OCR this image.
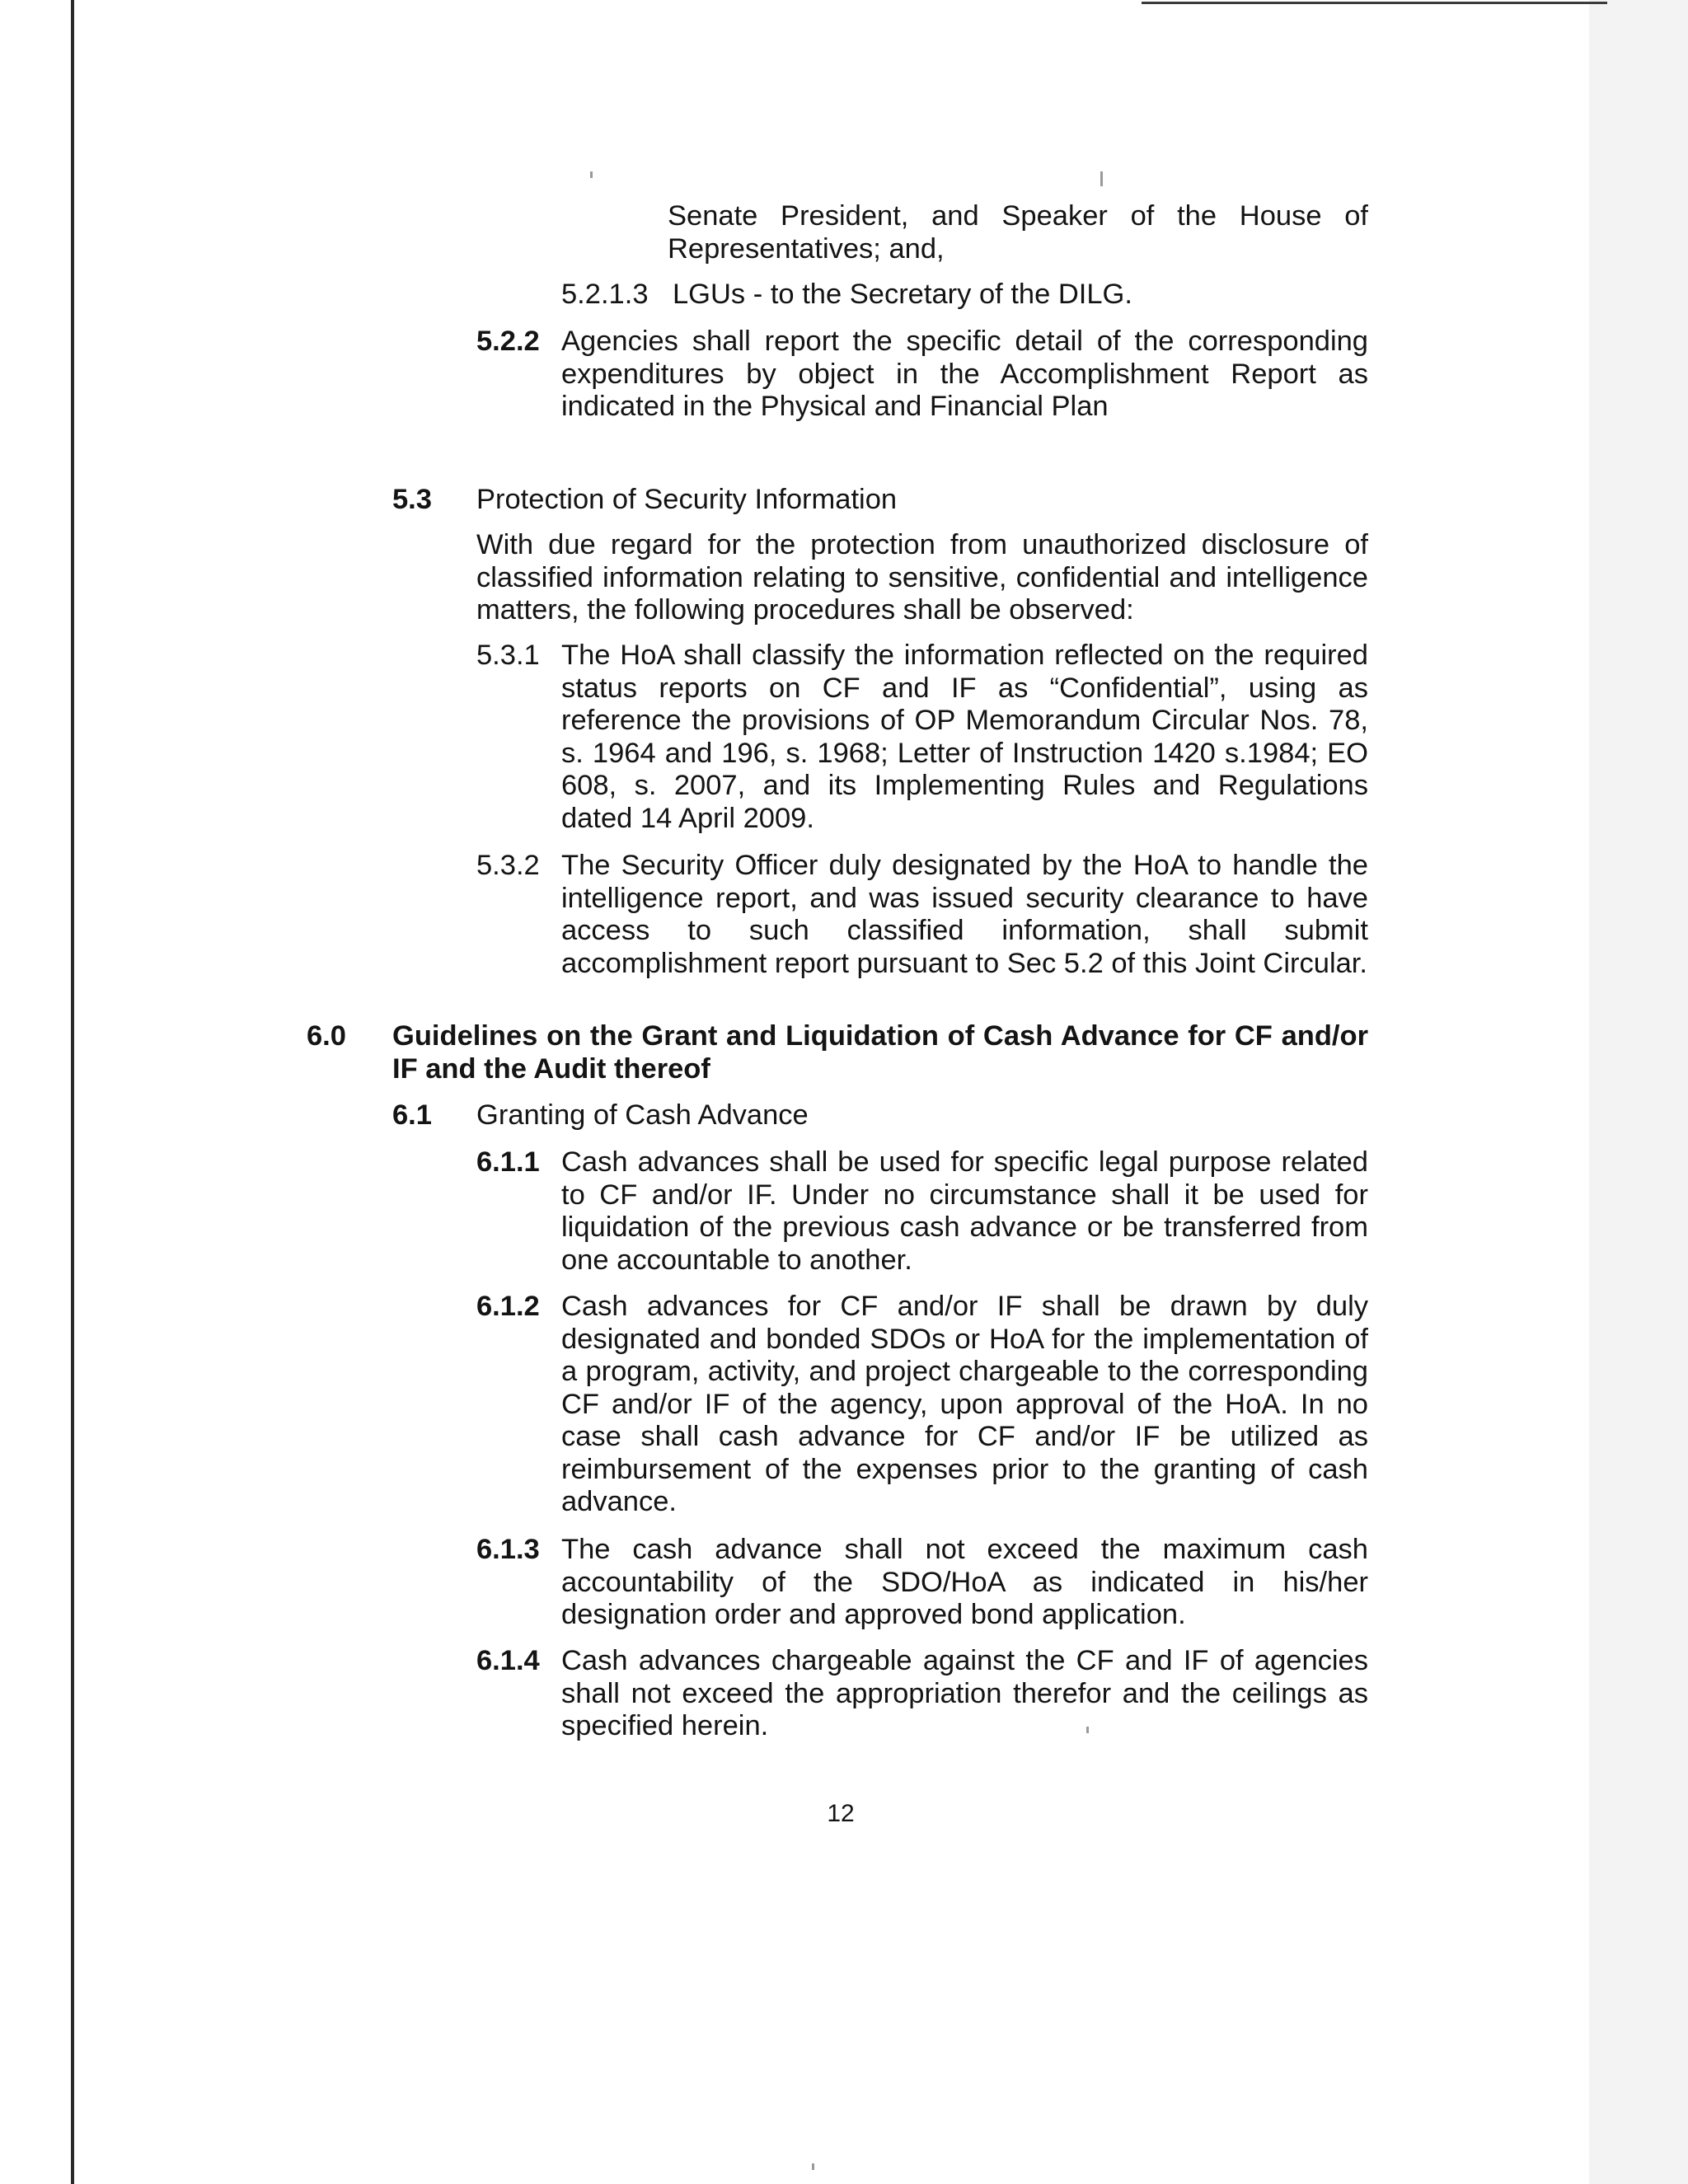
Senate President, and Speaker of the House of

Representatives; and,

5.2.1.3 LGUs - to the Secretary of the DILG.

5.2.2 Agencies shall report the specific detail of the corresponding expenditures by object in the Accomplishment Report as indicated in the Physical and Financial Plan

5.3 Protection of Security Information

With due regard for the protection from unauthorized disclosure of classified information relating to sensitive, confidential and intelligence matters, the following procedures shall be observed:

5.3.1 The HoA shall classify the information reflected on the required status reports on CF and IF as “Confidential”, using as reference the provisions of OP Memorandum Circular Nos. 78, s. 1964 and 196, s. 1968; Letter of Instruction 1420 s.1984; EO 608, s. 2007, and its Implementing Rules and Regulations dated 14 April 2009.

5.3.2 The Security Officer duly designated by the HoA to handle the intelligence report, and was issued security clearance to have access to such classified information, shall submit accomplishment report pursuant to Sec 5.2 of this Joint Circular.

6.0 Guidelines on the Grant and Liquidation of Cash Advance for CF and/or IF and the Audit thereof

6.1 Granting of Cash Advance

6.1.1 Cash advances shall be used for specific legal purpose related to CF and/or IF. Under no circumstance shall it be used for liquidation of the previous cash advance or be transferred from one accountable to another.

6.1.2 Cash advances for CF and/or IF shall be drawn by duly designated and bonded SDOs or HoA for the implementation of a program, activity, and project chargeable to the corresponding CF and/or IF of the agency, upon approval of the HoA. In no case shall cash advance for CF and/or IF be utilized as reimbursement of the expenses prior to the granting of cash advance.

6.1.3 The cash advance shall not exceed the maximum cash accountability of the SDO/HoA as indicated in his/her designation order and approved bond application.

6.1.4 Cash advances chargeable against the CF and IF of agencies shall not exceed the appropriation therefor and the ceilings as specified herein.

12
